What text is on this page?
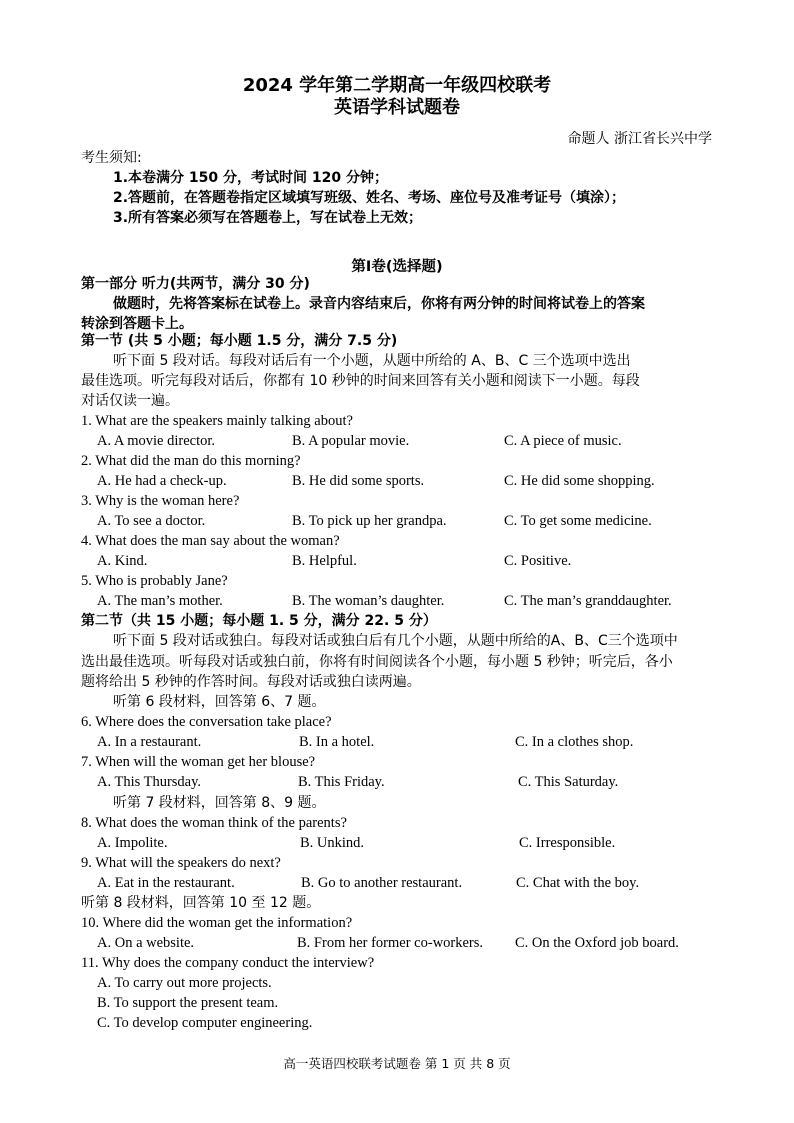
2024 学年第二学期高一年级四校联考
英语学科试题卷
命题人 浙江省长兴中学
考生须知:
1.本卷满分 150 分，考试时间 120 分钟；
2.答题前，在答题卷指定区域填写班级、姓名、考场、座位号及准考证号（填涂）；
3.所有答案必须写在答题卷上，写在试卷上无效；
第Ⅰ卷(选择题)
第一部分 听力(共两节，满分 30 分)
做题时，先将答案标在试卷上。录音内容结束后，你将有两分钟的时间将试卷上的答案
转涂到答题卡上。
第一节 (共 5 小题；每小题 1.5 分，满分 7.5 分)
听下面 5 段对话。每段对话后有一个小题，从题中所给的 A、B、C 三个选项中选出
最佳选项。听完每段对话后，你都有 10 秒钟的时间来回答有关小题和阅读下一小题。每段
对话仅读一遍。
1. What are the speakers mainly talking about?
A. A movie director.	B. A popular movie.	C. A piece of music.
2. What did the man do this morning?
A. He had a check-up.	B. He did some sports.	C. He did some shopping.
3. Why is the woman here?
A. To see a doctor.	B. To pick up her grandpa.	C. To get some medicine.
4. What does the man say about the woman?
A. Kind.	B. Helpful.	C. Positive.
5. Who is probably Jane?
A. The man’s mother.	B. The woman’s daughter.	C. The man’s granddaughter.
第二节（共 15 小题；每小题 1. 5 分，满分 22. 5 分）
听下面 5 段对话或独白。每段对话或独白后有几个小题，从题中所给的A、B、C三个选项中
选出最佳选项。听每段对话或独白前，你将有时间阅读各个小题，每小题 5 秒钟；听完后，各小
题将给出 5 秒钟的作答时间。每段对话或独白读两遍。
听第 6 段材料，回答第 6、7 题。
6. Where does the conversation take place?
A. In a restaurant.	B. In a hotel.	C. In a clothes shop.
7. When will the woman get her blouse?
A. This Thursday.	B. This Friday.	C. This Saturday.
听第 7 段材料，回答第 8、9 题。
8. What does the woman think of the parents?
A. Impolite.	B. Unkind.	C. Irresponsible.
9. What will the speakers do next?
A. Eat in the restaurant.	B. Go to another restaurant.	C. Chat with the boy.
听第 8 段材料，回答第 10 至 12 题。
10. Where did the woman get the information?
A. On a website.	B. From her former co-workers. C. On the Oxford job board.
11. Why does the company conduct the interview?
A. To carry out more projects.
B. To support the present team.
C. To develop computer engineering.
高一英语四校联考试题卷 第 1 页 共 8 页
